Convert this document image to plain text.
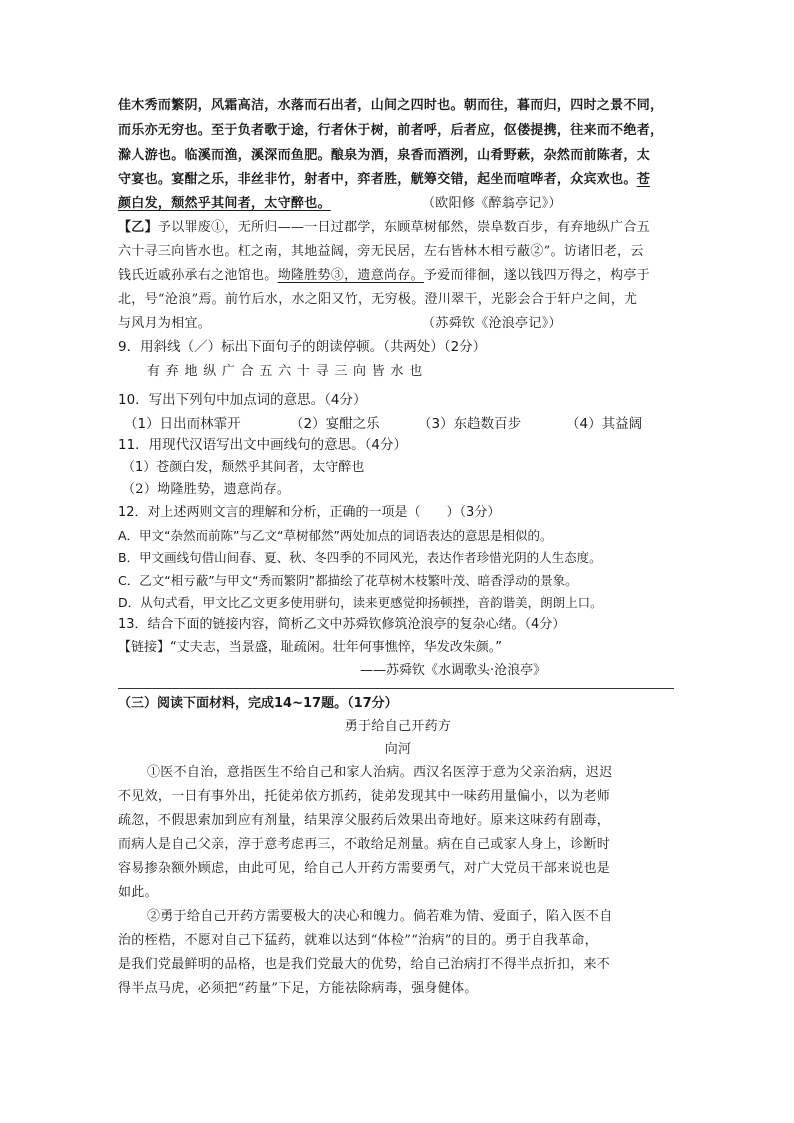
佳木秀而繁阴，风霜高洁，水落而石出者，山间之四时也。朝而往，暮而归，四时之景不同，
而乐亦无穷也。至于负者歌于途，行者休于树，前者呼，后者应，伛偻提携，往来而不绝者，
滁人游也。临溪而渔，溪深而鱼肥。酿泉为酒，泉香而酒洌，山肴野蔌，杂然而前陈者，太
守宴也。宴酣之乐，非丝非竹，射者中，弈者胜，觥筹交错，起坐而喧哗者，众宾欢也。苍
颜白发，颓然乎其间者，太守醉也。	（欧阳修《醉翁亭记》）
【乙】予以罪废①，无所归——一日过郡学，东顾草树郁然，崇阜数百步，有弃地纵广合五
六十寻三向皆水也。杠之南，其地益阔，旁无民居，左右皆林木相亏蔽②”。访诸旧老，云
钱氏近戚孙承右之池馆也。坳隆胜势③，遗意尚存。予爱而徘徊，遂以钱四万得之，构亭于
北，号“沧浪”焉。前竹后水，水之阳又竹，无穷极。澄川翠干，光影会合于轩户之间，尤
与风月为相宜。	（苏舜钦《沧浪亭记》）
9．用斜线（／）标出下面句子的朗读停顿。（共两处）（2分）
有 弃 地 纵 广 合 五 六 十 寻 三 向 皆 水 也
10．写出下列句中加点词的意思。（4分）
（1）日出而林霏开	（2）宴酣之乐	（3）东趋数百步	（4）其益阔
11．用现代汉语写出文中画线句的意思。（4分）
（1）苍颜白发，颓然乎其间者，太守醉也
（2）坳隆胜势，遗意尚存。
12．对上述两则文言的理解和分析，正确的一项是（　　）（3分）
A．甲文“杂然而前陈”与乙文“草树郁然”两处加点的词语表达的意思是相似的。
B．甲文画线句借山间春、夏、秋、冬四季的不同风光，表达作者珍惜光阴的人生态度。
C．乙文“相亏蔽”与甲文“秀而繁阴”都描绘了花草树木枝繁叶茂、暗香浮动的景象。
D．从句式看，甲文比乙文更多使用骈句，读来更感觉抑扬顿挫，音韵谐美，朗朗上口。
13．结合下面的链接内容，简析乙文中苏舜钦修筑沧浪亭的复杂心绪。（4分）
【链接】“丈夫志，当景盛，耻疏闲。壮年何事憔悴，华发改朱颜。”
——苏舜钦《水调歌头·沧浪亭》
（三）阅读下面材料，完成14~17题。（17分）
勇于给自己开药方
向河
①医不自治，意指医生不给自己和家人治病。西汉名医淳于意为父亲治病，迟迟
不见效，一日有事外出，托徒弟依方抓药，徒弟发现其中一味药用量偏小，以为老师
疏忽，不假思索加到应有剂量，结果淳父服药后效果出奇地好。原来这味药有剧毒，
而病人是自己父亲，淳于意考虑再三，不敢给足剂量。病在自己或家人身上，诊断时
容易掺杂额外顾虑，由此可见，给自己人开药方需要勇气，对广大党员干部来说也是
如此。
②勇于给自己开药方需要极大的决心和魄力。倘若难为情、爱面子，陷入医不自
治的桎梏，不愿对自己下猛药，就难以达到“体检”“治病”的目的。勇于自我革命，
是我们党最鲜明的品格，也是我们党最大的优势，给自己治病打不得半点折扣，来不
得半点马虎，必须把“药量”下足，方能祛除病毒，强身健体。
